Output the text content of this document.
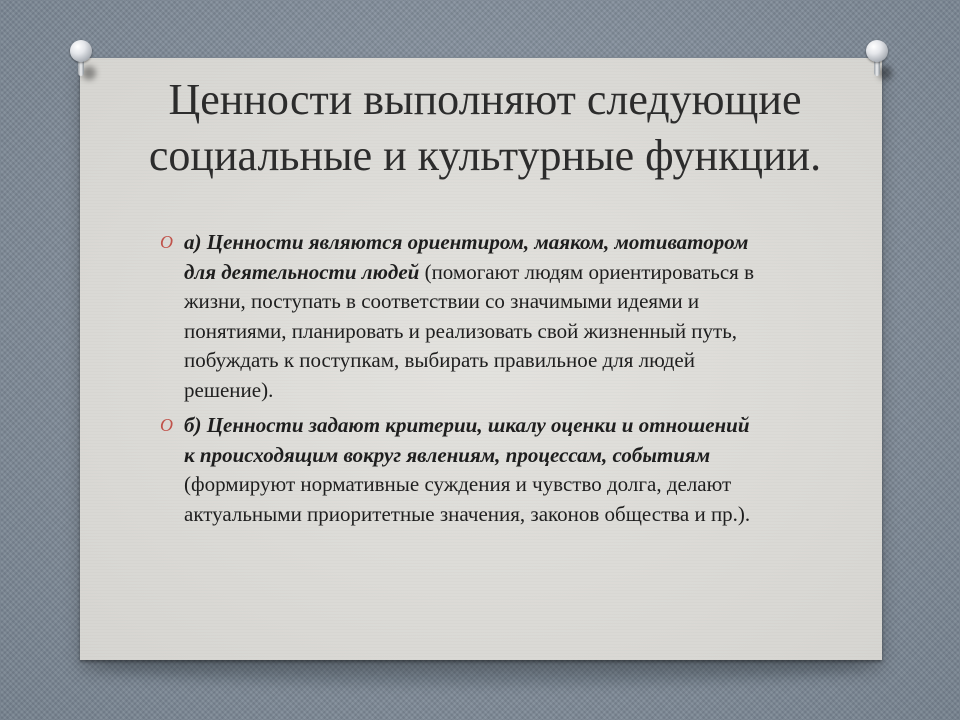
Ценности выполняют следующие социальные и культурные функции.
O а) Ценности являются ориентиром, маяком, мотиватором для деятельности людей (помогают людям ориентироваться в жизни, поступать в соответствии со значимыми идеями и понятиями, планировать и реализовать свой жизненный путь, побуждать к поступкам, выбирать правильное для людей решение).
O б) Ценности задают критерии, шкалу оценки и отношений к происходящим вокруг явлениям, процессам, событиям (формируют нормативные суждения и чувство долга, делают актуальными приоритетные значения, законов общества и пр.).
